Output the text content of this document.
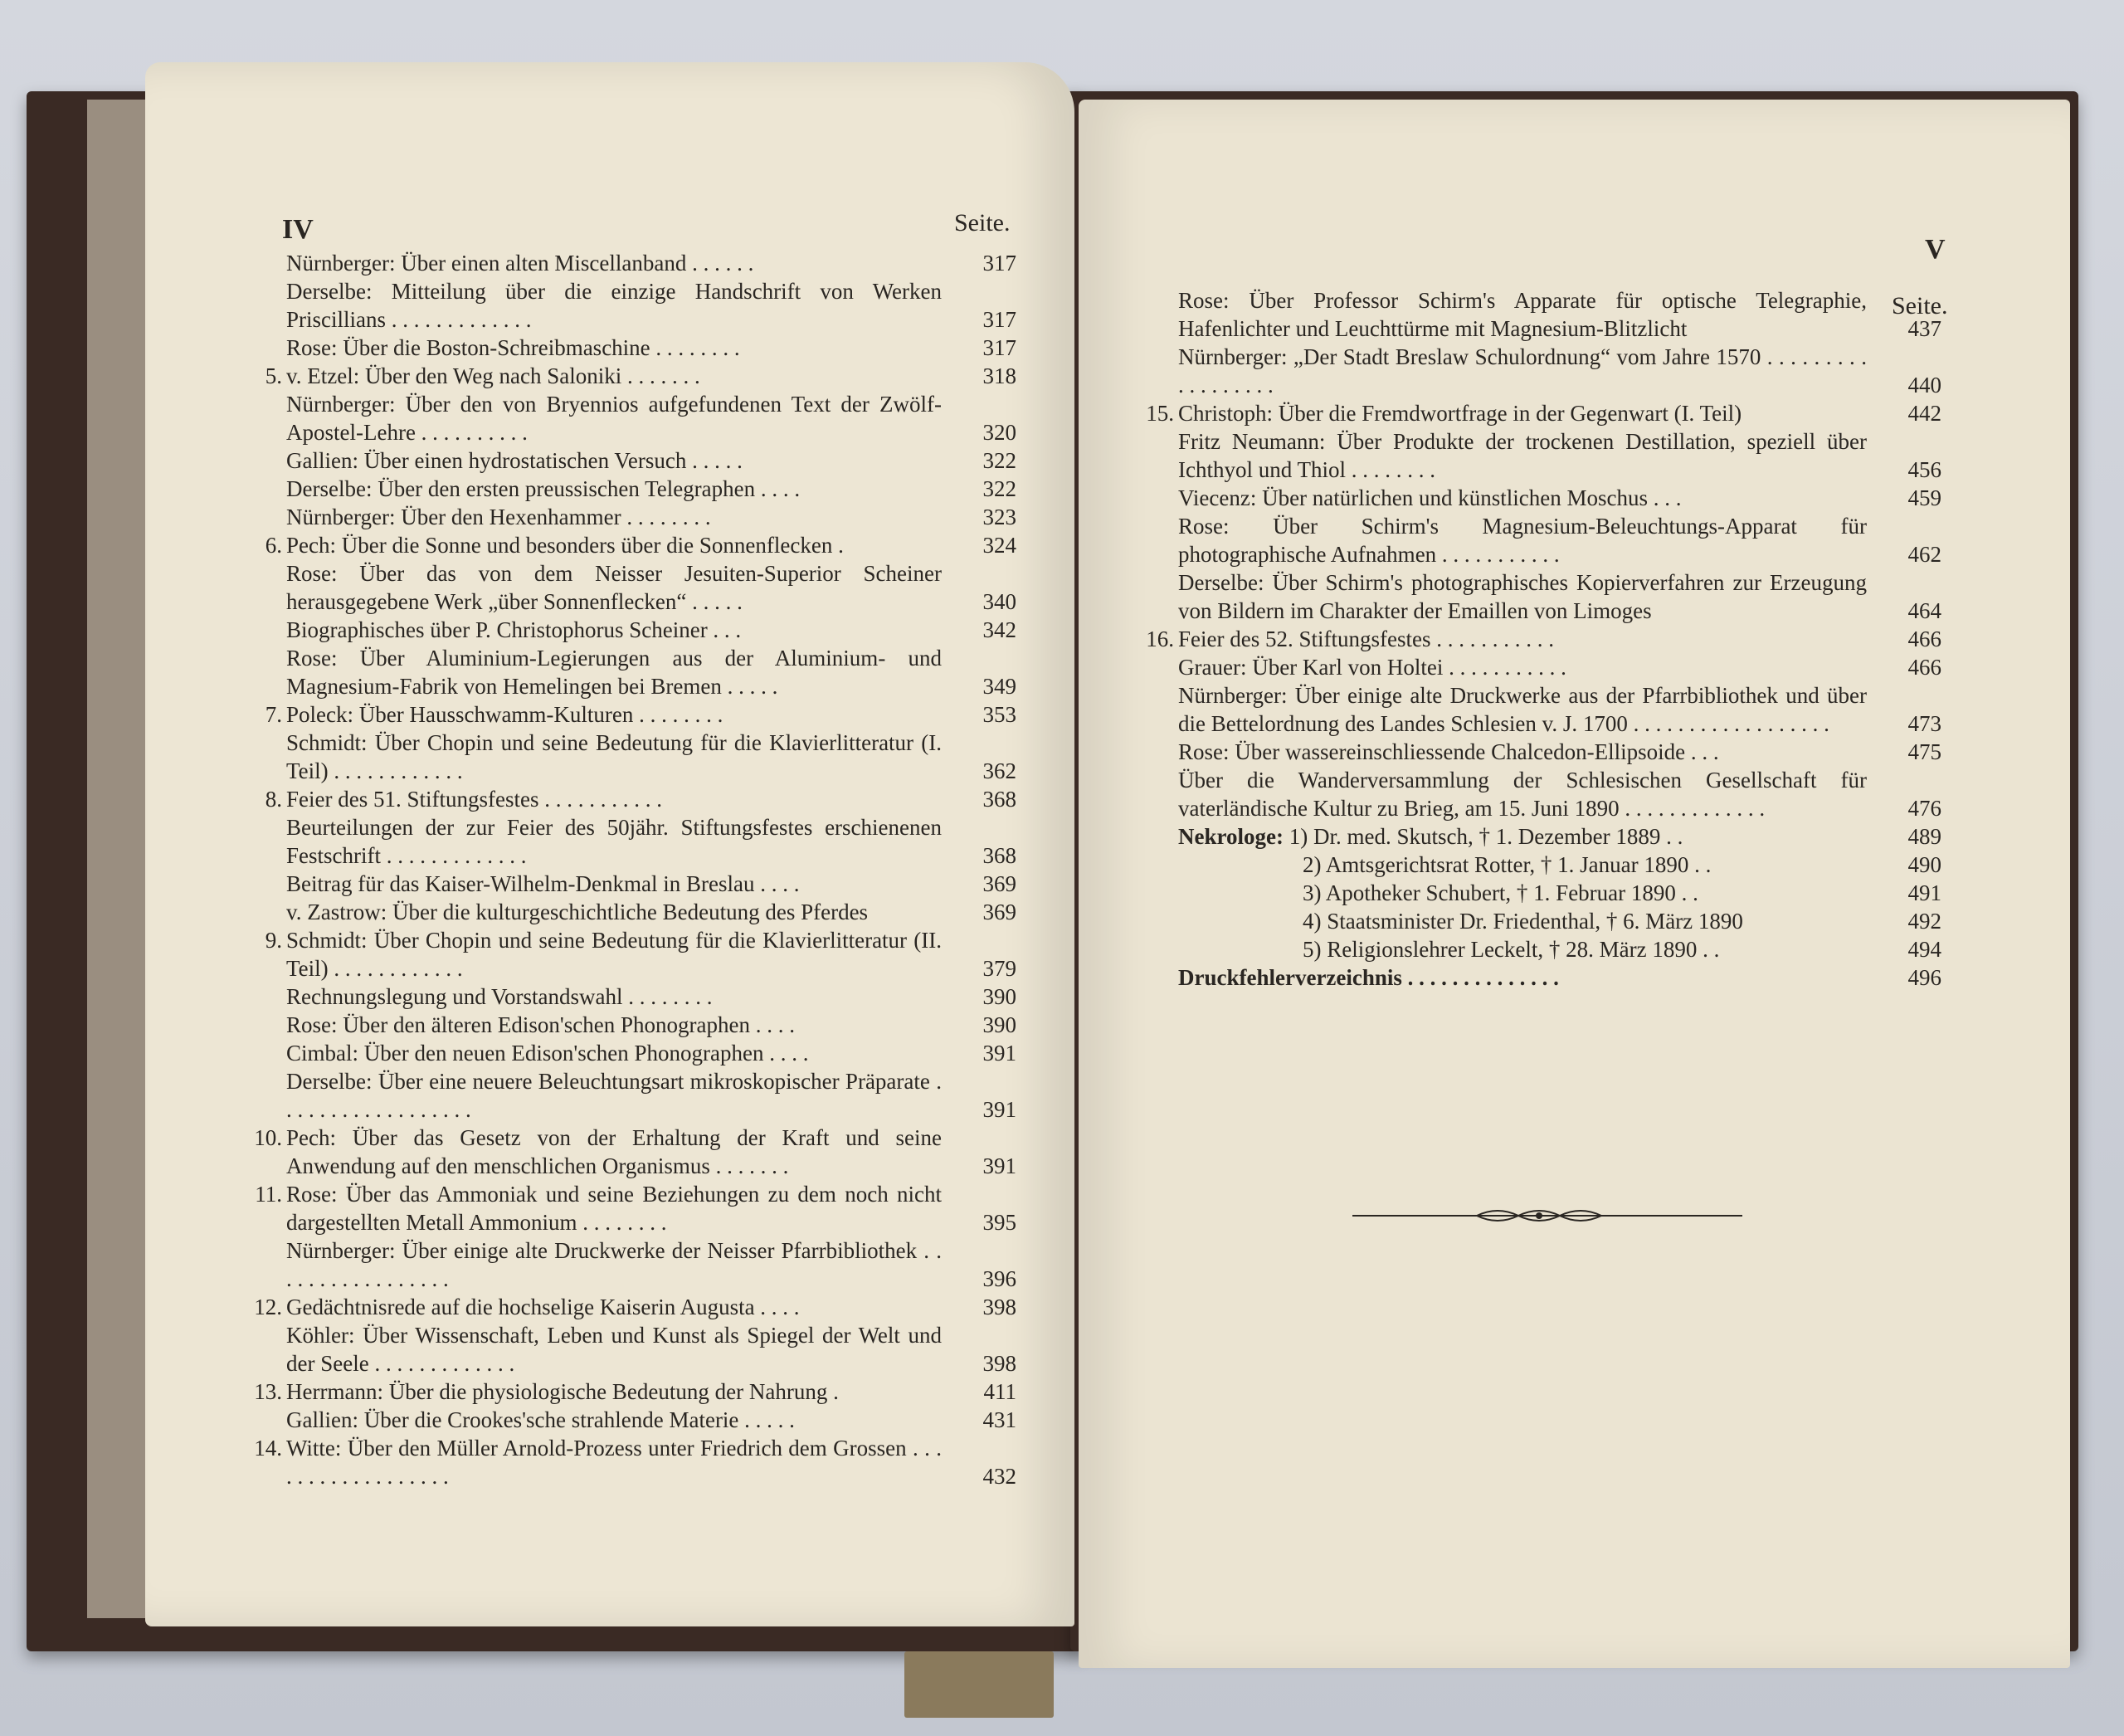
IV	Seite.
V
Seite.
Nürnberger: Über einen alten Miscellanband . . . . . .	317
Derselbe: Mitteilung über die einzige Handschrift von Werken Priscillians . . . . . . . . . . . . .	317
Rose: Über die Boston-Schreibmaschine . . . . . . . .	317
5. v. Etzel: Über den Weg nach Saloniki . . . . . . .	318
Nürnberger: Über den von Bryennios aufgefundenen Text der Zwölf-Apostel-Lehre . . . . . . . . . .	320
Gallien: Über einen hydrostatischen Versuch . . . . .	322
Derselbe: Über den ersten preussischen Telegraphen . . . .	322
Nürnberger: Über den Hexenhammer . . . . . . . .	323
6. Pech: Über die Sonne und besonders über die Sonnenflecken .	324
Rose: Über das von dem Neisser Jesuiten-Superior Scheiner herausgegebene Werk „über Sonnenflecken“ . . . . .	340
Biographisches über P. Christophorus Scheiner . . .	342
Rose: Über Aluminium-Legierungen aus der Aluminium- und Magnesium-Fabrik von Hemelingen bei Bremen . . . . .	349
7. Poleck: Über Hausschwamm-Kulturen . . . . . . . .	353
Schmidt: Über Chopin und seine Bedeutung für die Klavierlitteratur (I. Teil) . . . . . . . . . . . .	362
8. Feier des 51. Stiftungsfestes . . . . . . . . . . .	368
Beurteilungen der zur Feier des 50jähr. Stiftungsfestes erschienenen Festschrift . . . . . . . . . . . . .	368
Beitrag für das Kaiser-Wilhelm-Denkmal in Breslau . . . .	369
v. Zastrow: Über die kulturgeschichtliche Bedeutung des Pferdes	369
9. Schmidt: Über Chopin und seine Bedeutung für die Klavierlitteratur (II. Teil) . . . . . . . . . . . .	379
Rechnungslegung und Vorstandswahl . . . . . . . .	390
Rose: Über den älteren Edison'schen Phonographen . . . .	390
Cimbal: Über den neuen Edison'schen Phonographen . . . .	391
Derselbe: Über eine neuere Beleuchtungsart mikroskopischer Präparate . . . . . . . . . . . . . . . . . .	391
10. Pech: Über das Gesetz von der Erhaltung der Kraft und seine Anwendung auf den menschlichen Organismus . . . . . . .	391
11. Rose: Über das Ammoniak und seine Beziehungen zu dem noch nicht dargestellten Metall Ammonium . . . . . . . .	395
Nürnberger: Über einige alte Druckwerke der Neisser Pfarrbibliothek . . . . . . . . . . . . . . . . .	396
12. Gedächtnisrede auf die hochselige Kaiserin Augusta . . . .	398
Köhler: Über Wissenschaft, Leben und Kunst als Spiegel der Welt und der Seele . . . . . . . . . . . . .	398
13. Herrmann: Über die physiologische Bedeutung der Nahrung .	411
Gallien: Über die Crookes'sche strahlende Materie . . . . .	431
14. Witte: Über den Müller Arnold-Prozess unter Friedrich dem Grossen . . . . . . . . . . . . . . . . . .	432
Rose: Über Professor Schirm's Apparate für optische Telegraphie, Hafenlichter und Leuchttürme mit Magnesium-Blitzlicht	437
Nürnberger: „Der Stadt Breslaw Schulordnung“ vom Jahre 1570 . . . . . . . . . . . . . . . . . .	440
15. Christoph: Über die Fremdwortfrage in der Gegenwart (I. Teil)	442
Fritz Neumann: Über Produkte der trockenen Destillation, speziell über Ichthyol und Thiol . . . . . . . .	456
Viecenz: Über natürlichen und künstlichen Moschus . . .	459
Rose: Über Schirm's Magnesium-Beleuchtungs-Apparat für photographische Aufnahmen . . . . . . . . . . .	462
Derselbe: Über Schirm's photographisches Kopierverfahren zur Erzeugung von Bildern im Charakter der Emaillen von Limoges	464
16. Feier des 52. Stiftungsfestes . . . . . . . . . . .	466
Grauer: Über Karl von Holtei . . . . . . . . . . .	466
Nürnberger: Über einige alte Druckwerke aus der Pfarrbibliothek und über die Bettelordnung des Landes Schlesien v. J. 1700 . . . . . . . . . . . . . . . . . .	473
Rose: Über wassereinschliessende Chalcedon-Ellipsoide . . .	475
Über die Wanderversammlung der Schlesischen Gesellschaft für vaterländische Kultur zu Brieg, am 15. Juni 1890 . . . . . . . . . . . . .	476
Nekrologe: 1) Dr. med. Skutsch, † 1. Dezember 1889 . .	489
2) Amtsgerichtsrat Rotter, † 1. Januar 1890 . .	490
3) Apotheker Schubert, † 1. Februar 1890 . .	491
4) Staatsminister Dr. Friedenthal, † 6. März 1890	492
5) Religionslehrer Leckelt, † 28. März 1890 . .	494
Druckfehlerverzeichnis . . . . . . . . . . . . . .	496
